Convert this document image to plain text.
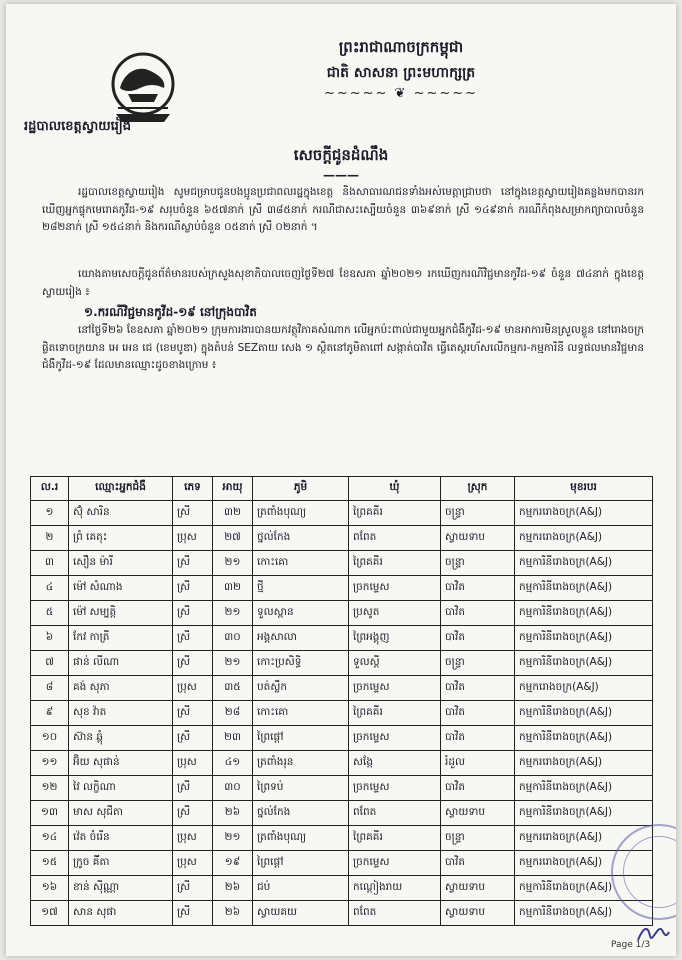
ព្រះរាជាណាចក្រកម្ពុជា
ជាតិ សាសនា ព្រះមហាក្សត្រ
~~~~~ ❦ ~~~~~
រដ្ឋបាលខេត្តស្វាយរៀង
សេចក្តីជូនដំណឹង
———
រដ្ឋបាលខេត្តស្វាយរៀង សូមជម្រាបជូនបងប្អូនប្រជាពលរដ្ឋក្នុងខេត្ត និងសាធារណជនទាំងអស់មេត្តាជ្រាបថា នៅក្នុងខេត្តស្វាយរៀងគន្លងមកបានរកឃើញអ្នកផ្ទុកមេរោគកូវីដ-១៩ សរុបចំនួន ៦៥៧នាក់ ស្រី ៣៨៥នាក់ ករណីជាសះស្បើយចំនួន ៣៦៩នាក់ ស្រី ១៤៩នាក់ ករណីកំពុងសម្រាកព្យាបាលចំនួន ២៨២នាក់ ស្រី ១៥៤នាក់ និងករណីស្លាប់ចំនួន ០៥នាក់ ស្រី ០២នាក់ ។
យោងតាមសេចក្តីជូនព័ត៌មានរបស់ក្រសួងសុខាភិបាលចេញថ្ងៃទី២៧ ខែឧសភា ឆ្នាំ២០២១ រកឃើញករណីវិជ្ជមានកូវីដ-១៩ ចំនួន ៧៤នាក់ ក្នុងខេត្តស្វាយរៀង ៖
១.ករណីវិជ្ជមានកូវីដ-១៩ នៅក្រុងបាវិត
នៅថ្ងៃទី២៦ ខែឧសភា ឆ្នាំ២០២១ ក្រុមការងារបានយកវត្ថុវិភាគសំណាក លើអ្នកប៉ះពាល់ជាមួយអ្នកជំងឺកូវីដ-១៩ មានអាការមិនស្រួលខ្លួន នៅរោងចក្រផ្លិតទោចក្រយាន អេ អេន ជេ (ខេមបូឌា) ក្នុងតំបន់ SEZតាយ សេង ១ ស្ថិតនៅភូមិតាពៅ សង្កាត់បាវិត ធ្វើតេស្តរហ័សលើកម្មករ-កម្មការិនី លទ្ធផលមានវិជ្ជមានជំងឺកូវីដ-១៩ ដែលមានឈ្មោះដូចខាងក្រោម ៖
ល.រ	ឈ្មោះអ្នកជំងឺ	ភេទ	អាយុ	ភូមិ	ឃុំ	ស្រុក	មុខរបរ
១	ស៊ុំ សារិន	ស្រី	៣២	ត្រពាំងបុណ្យ	ព្រៃគគីរ	ចន្ទ្រា	កម្មកររោងចក្រ(A&J)
២	ព្រំ គេតុះ	ប្រុស	២៧	ថ្នល់កែង	ពពែត	ស្វាយទាប	កម្មកររោងចក្រ(A&J)
៣	សឿន ម៉ារី	ស្រី	២១	កោះគោ	ព្រៃគគីរ	ចន្ទ្រា	កម្មការិនីរោងចក្រ(A&J)
៤	ម៉ៅ សំណាង	ស្រី	៣២	ថ្មី	ច្រកម្ទេស	បាវិត	កម្មការិនីរោងចក្រ(A&J)
៥	ម៉ៅ សម្បត្តិ	ស្រី	២១	ទួលស្ពាន	ប្រសូត	បាវិត	កម្មការិនីរោងចក្រ(A&J)
៦	កែវ កាត្រី	ស្រី	៣០	អង្គសាលា	ព្រៃអង្គុញ	បាវិត	កម្មការិនីរោងចក្រ(A&J)
៧	ផាន់ លីណា	ស្រី	២១	កោះប្រសិទ្ធិ	ទួលស្តី	ចន្ទ្រា	កម្មការិនីរោងចក្រ(A&J)
៨	គង់ សុភា	ប្រុស	៣៥	បត់ស្លឹក	ច្រកម្ទេស	បាវិត	កម្មករោងចក្រ(A&J)
៩	សុខ វ៉ាត	ស្រី	២៨	កោះគោ	ព្រៃគគីរ	បាវិត	កម្មការិនីរោងចក្រ(A&J)
១០	ស៊ាន ឆ្ពុំ	ស្រី	២៣	ព្រៃផ្ដៅ	ច្រកម្ទេស	បាវិត	កម្មការិនីរោងចក្រ(A&J)
១១	អ៊ិយ សុផាន់	ប្រុស	៤១	ត្រពាំងរុន	សង្កែ	រំដួល	កម្មកររោងចក្រ(A&J)
១២	វៃ លក្ខិណា	ស្រី	៣០	ព្រៃទប់	ច្រកម្ទេស	បាវិត	កម្មការិនីរោងចក្រ(A&J)
១៣	មាស សុជីតា	ស្រី	២៦	ថ្នល់កែង	ពពែត	ស្វាយទាប	កម្មការិនីរោងចក្រ(A&J)
១៤	វ៉េត ចំរើន	ប្រុស	២១	ត្រពាំងបុណ្យ	ព្រៃគគីរ	ចន្ទ្រា	កម្មកររោងចក្រ(A&J)
១៥	ក្រូច គ័ីតា	ប្រុស	១៩	ព្រៃផ្ដៅ	ច្រកម្ទេស	បាវិត	កម្មកររោងចក្រ(A&J)
១៦	ខាន់ ស៊ីណ្ណា	ស្រី	២៦	ជប់	កណ្ដៀងរាយ	ស្វាយទាប	កម្មការិនីរោងចក្រ(A&J)
១៧	សាន សុផា	ស្រី	២៦	ស្វាយគយ	ពពែត	ស្វាយទាប	កម្មការិនីរោងចក្រ(A&J)
Page 1/3
